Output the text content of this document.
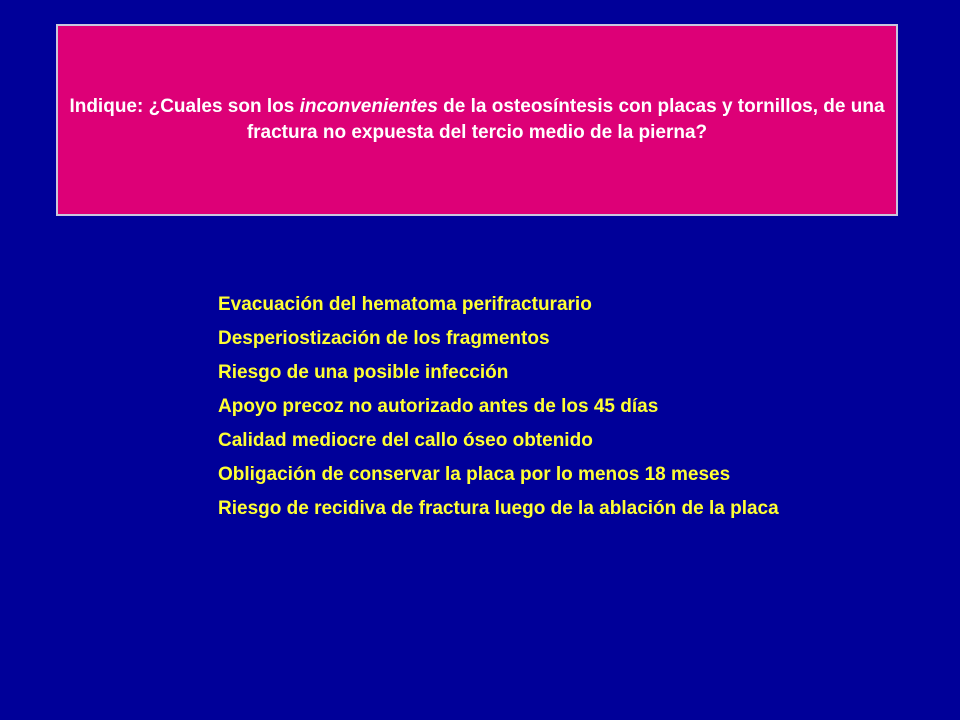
Indique: ¿Cuales son los inconvenientes de la osteosíntesis con placas y tornillos, de una fractura no expuesta del tercio medio de la pierna?

Evacuación del hematoma perifracturario
Desperiostización de los fragmentos
Riesgo de una posible infección
Apoyo precoz no autorizado antes de los 45 días
Calidad mediocre del callo óseo obtenido
Obligación de conservar la placa por lo menos 18 meses
Riesgo de recidiva de fractura luego de la ablación de la placa
